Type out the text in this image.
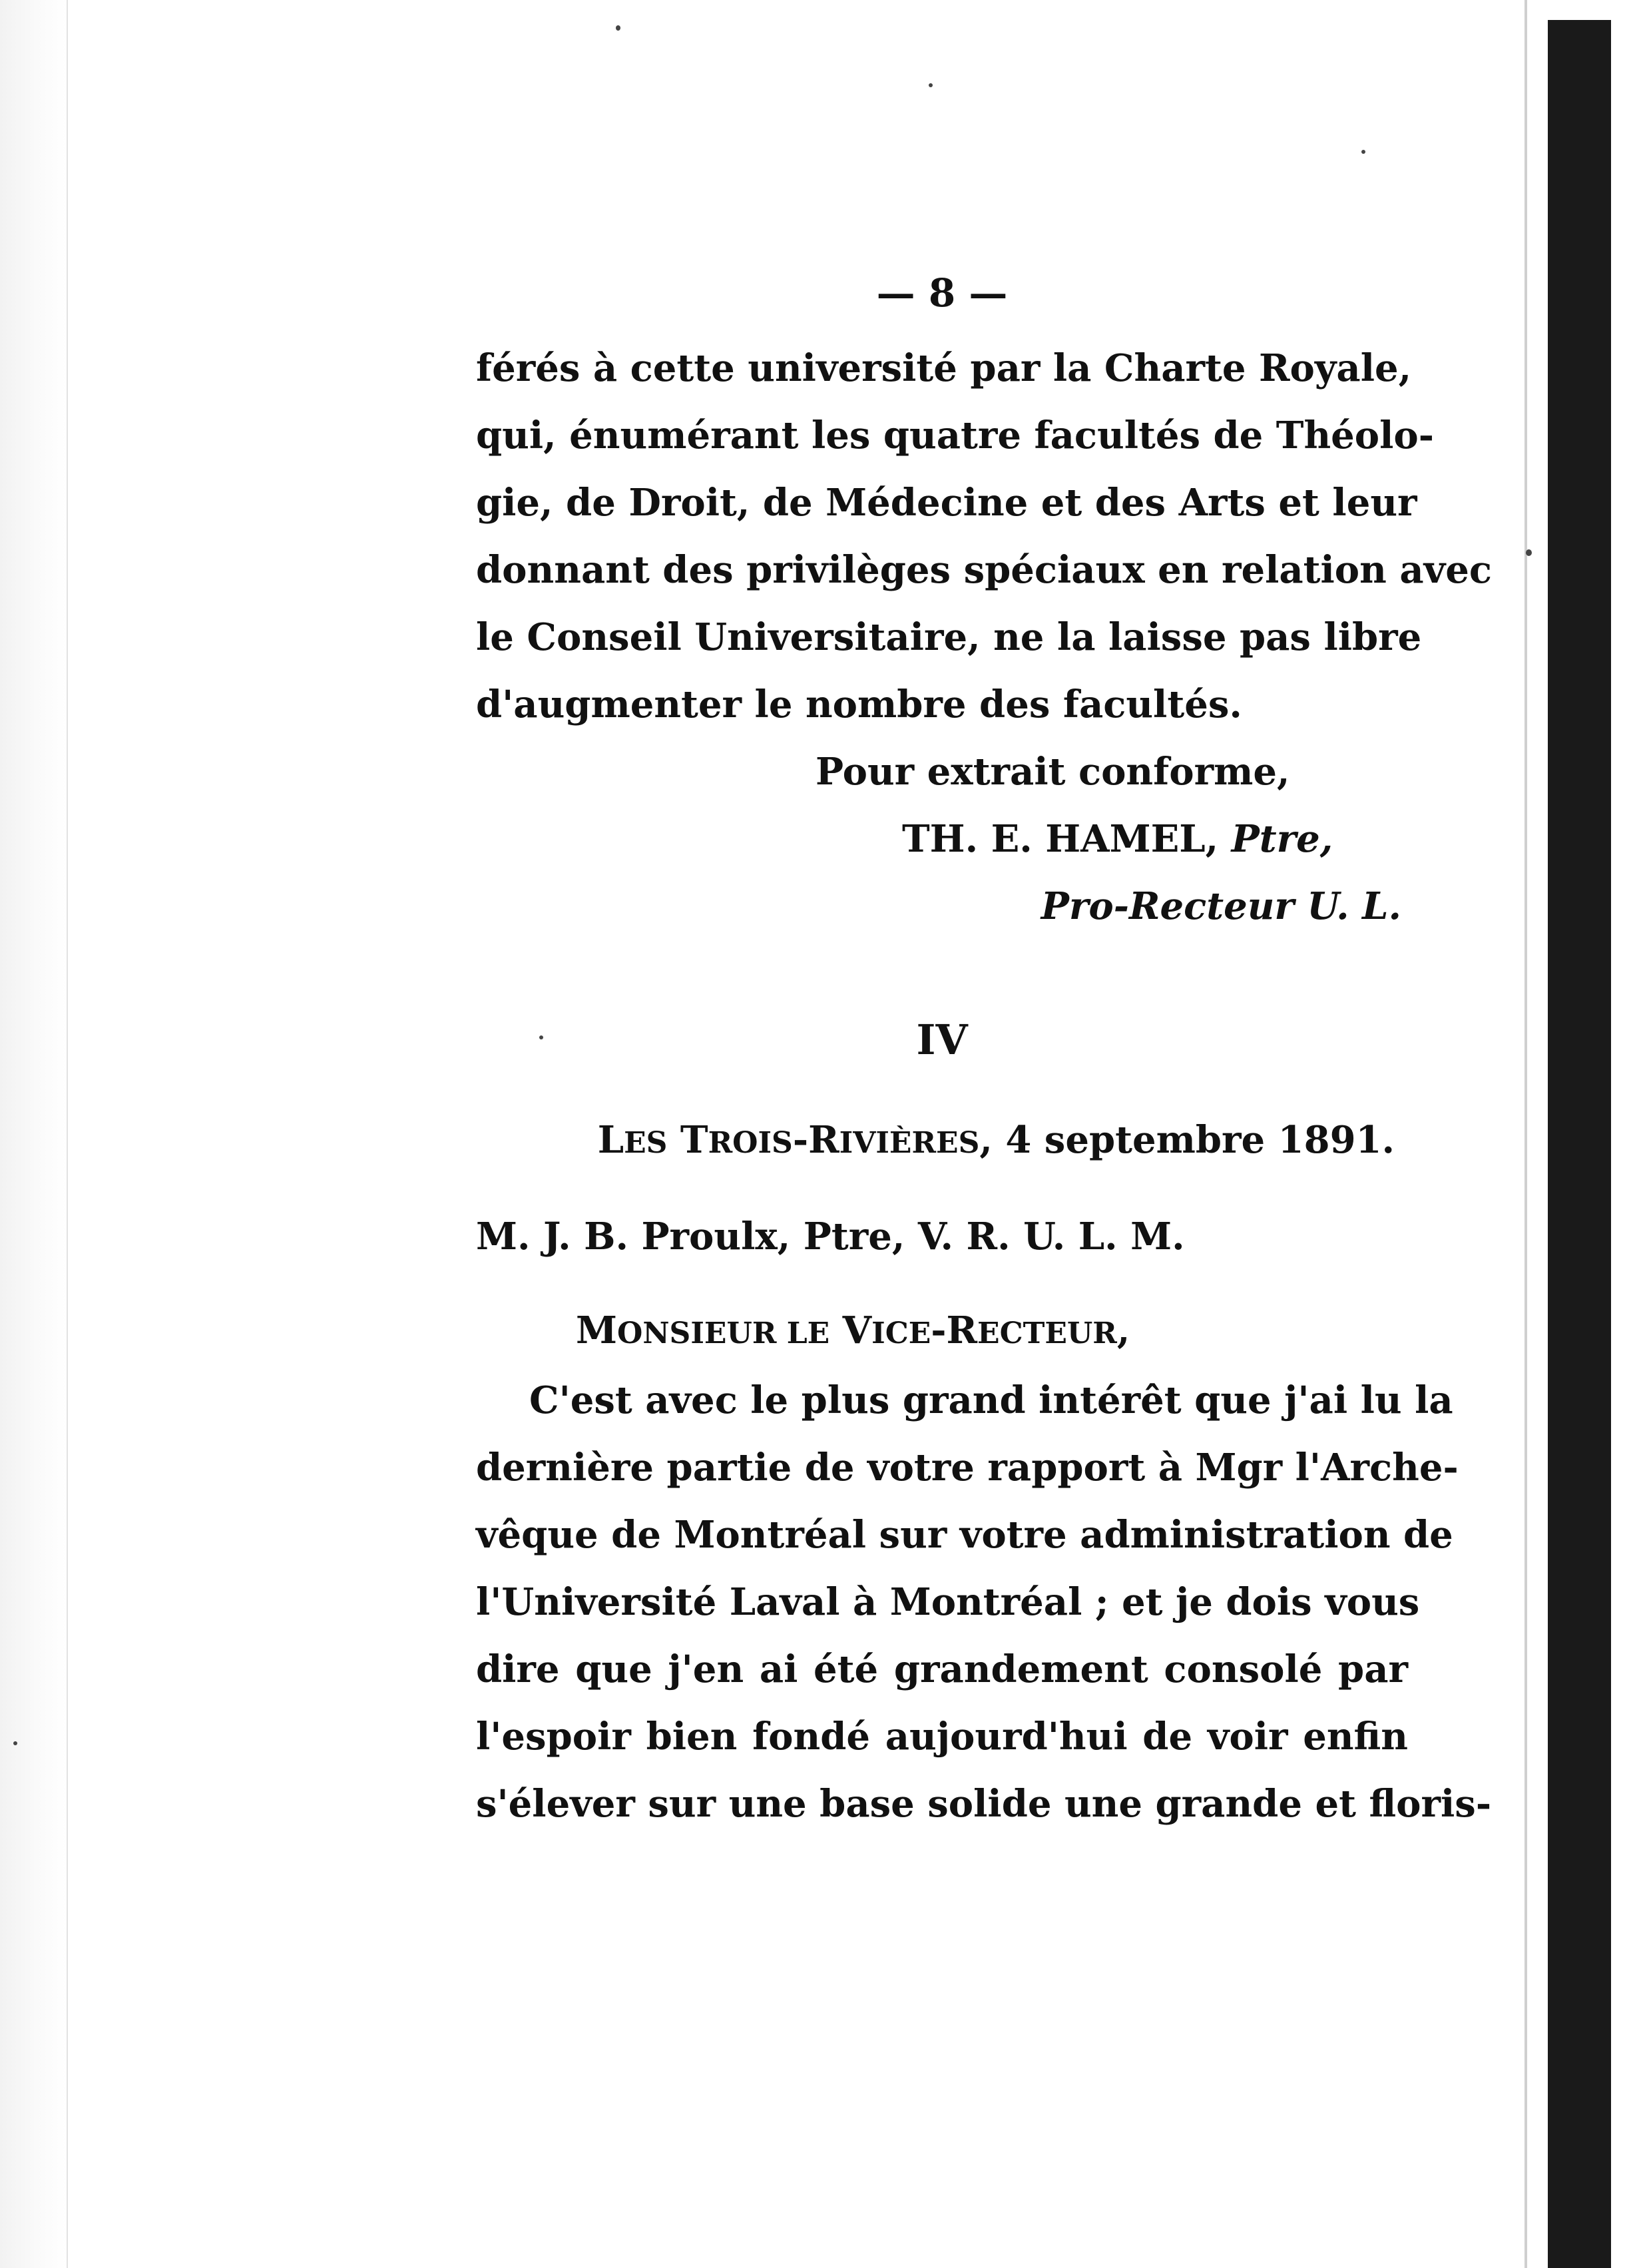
— 8 —
férés à cette université par la Charte Royale,
qui, énumérant les quatre facultés de Théolo-
gie, de Droit, de Médecine et des Arts et leur
donnant des privilèges spéciaux en relation avec
le Conseil Universitaire, ne la laisse pas libre
d'augmenter le nombre des facultés.
Pour extrait conforme,
TH. E. HAMEL, Ptre,
Pro-Recteur U. L.
IV
LES TROIS-RIVIÈRES, 4 septembre 1891.
M. J. B. Proulx, Ptre, V. R. U. L. M.
MONSIEUR LE VICE-RECTEUR,
C'est avec le plus grand intérêt que j'ai lu la
dernière partie de votre rapport à Mgr l'Arche-
vêque de Montréal sur votre administration de
l'Université Laval à Montréal ; et je dois vous
dire que j'en ai été grandement consolé par
l'espoir bien fondé aujourd'hui de voir enfin
s'élever sur une base solide une grande et floris-
